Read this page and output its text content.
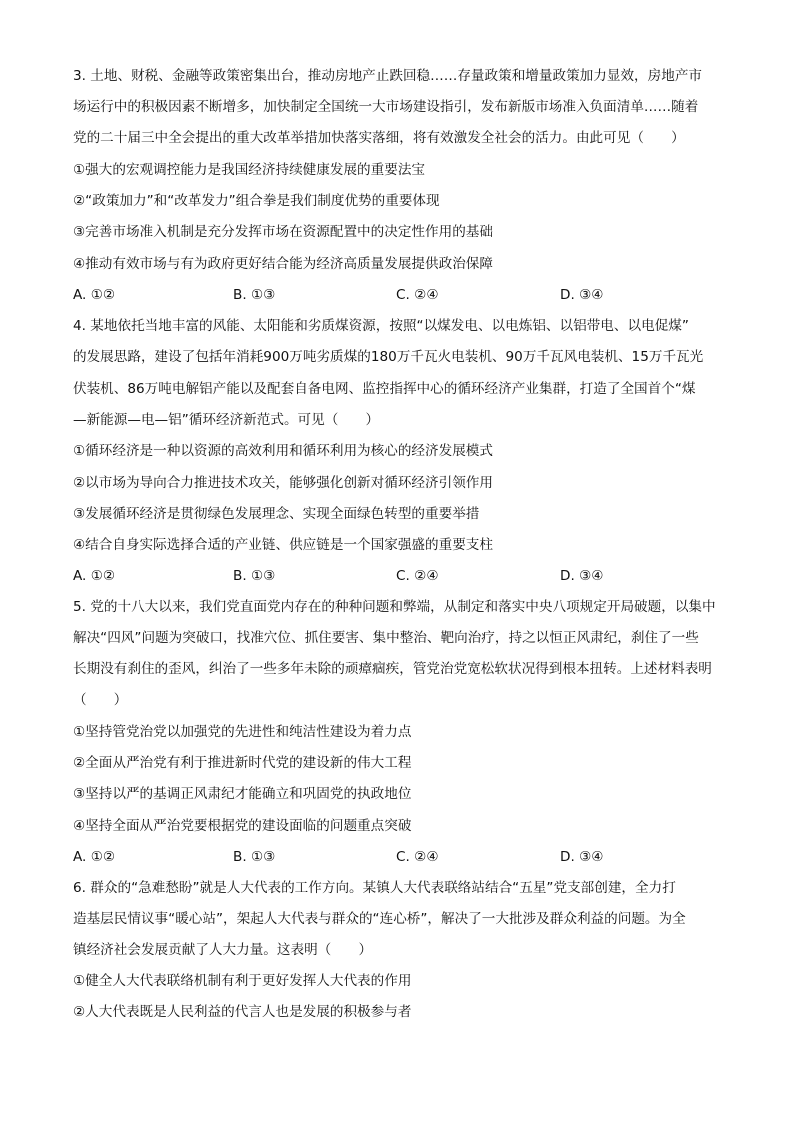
3. 土地、财税、金融等政策密集出台，推动房地产止跌回稳……存量政策和增量政策加力显效，房地产市
场运行中的积极因素不断增多，加快制定全国统一大市场建设指引，发布新版市场准入负面清单……随着
党的二十届三中全会提出的重大改革举措加快落实落细，将有效激发全社会的活力。由此可见（　　）
①强大的宏观调控能力是我国经济持续健康发展的重要法宝
②“政策加力”和“改革发力”组合拳是我们制度优势的重要体现
③完善市场准入机制是充分发挥市场在资源配置中的决定性作用的基础
④推动有效市场与有为政府更好结合能为经济高质量发展提供政治保障
A. ①②	B. ①③	C. ②④	D. ③④
4. 某地依托当地丰富的风能、太阳能和劣质煤资源，按照“以煤发电、以电炼铝、以铝带电、以电促煤”
的发展思路，建设了包括年消耗900万吨劣质煤的180万千瓦火电装机、90万千瓦风电装机、15万千瓦光
伏装机、86万吨电解铝产能以及配套自备电网、监控指挥中心的循环经济产业集群，打造了全国首个“煤
—新能源—电—铝”循环经济新范式。可见（　　）
①循环经济是一种以资源的高效利用和循环利用为核心的经济发展模式
②以市场为导向合力推进技术攻关，能够强化创新对循环经济引领作用
③发展循环经济是贯彻绿色发展理念、实现全面绿色转型的重要举措
④结合自身实际选择合适的产业链、供应链是一个国家强盛的重要支柱
A. ①②	B. ①③	C. ②④	D. ③④
5. 党的十八大以来，我们党直面党内存在的种种问题和弊端，从制定和落实中央八项规定开局破题，以集中
解决“四风”问题为突破口，找准穴位、抓住要害、集中整治、靶向治疗，持之以恒正风肃纪，刹住了一些
长期没有刹住的歪风，纠治了一些多年未除的顽瘴痼疾，管党治党宽松软状况得到根本扭转。上述材料表明
（　　）
①坚持管党治党以加强党的先进性和纯洁性建设为着力点
②全面从严治党有利于推进新时代党的建设新的伟大工程
③坚持以严的基调正风肃纪才能确立和巩固党的执政地位
④坚持全面从严治党要根据党的建设面临的问题重点突破
A. ①②	B. ①③	C. ②④	D. ③④
6. 群众的“急难愁盼”就是人大代表的工作方向。某镇人大代表联络站结合“五星”党支部创建，全力打
造基层民情议事“暖心站”，架起人大代表与群众的“连心桥”，解决了一大批涉及群众利益的问题。为全
镇经济社会发展贡献了人大力量。这表明（　　）
①健全人大代表联络机制有利于更好发挥人大代表的作用
②人大代表既是人民利益的代言人也是发展的积极参与者
